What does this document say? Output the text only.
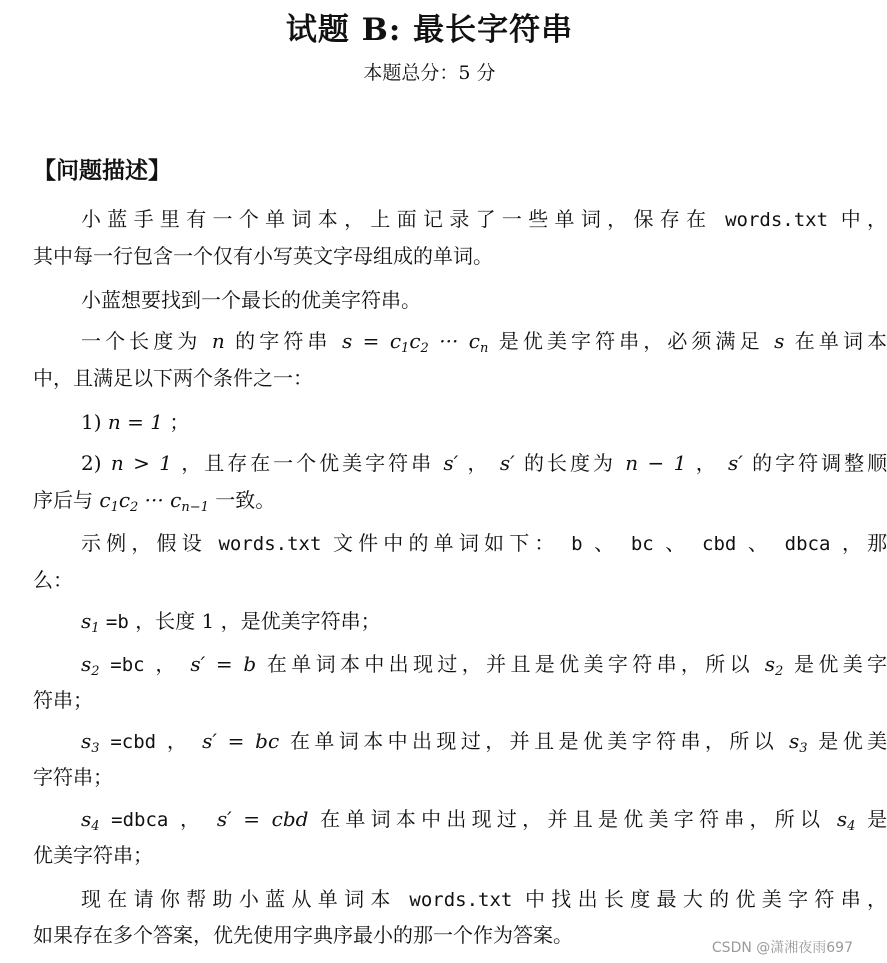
试题 B: 最长字符串
本题总分：5 分
【问题描述】
小蓝手里有一个单词本，上面记录了一些单词，保存在 words.txt 中，
其中每一行包含一个仅有小写英文字母组成的单词。
小蓝想要找到一个最长的优美字符串。
一个长度为 n 的字符串 $s = c_1c_2$ ··· $c_n$ 是优美字符串，必须满足 s 在单词本
中，且满足以下两个条件之一：
1) n = 1 ；
2) n > 1 ，且存在一个优美字符串 s′ ， s′ 的长度为 n − 1 ， s′ 的字符调整顺
序后与 $c_1c_2$ ··· $c_{n-1}$ 一致。
示例，假设 words.txt 文件中的单词如下： b 、 bc 、 cbd 、 dbca ，那
么：
$s_1 =b$ ，长度 1 ，是优美字符串；
$s_2 =bc$ ， s′ = b 在单词本中出现过，并且是优美字符串，所以 $s_2$ 是优美字
符串；
$s_3 =cbd$ ， s′ = bc 在单词本中出现过，并且是优美字符串，所以 $s_3$ 是优美
字符串；
$s_4$ =dbca ， s′ = cbd 在单词本中出现过，并且是优美字符串，所以 $s_4$ 是
优美字符串；
现在请你帮助小蓝从单词本 words.txt 中找出长度最大的优美字符串，
如果存在多个答案，优先使用字典序最小的那一个作为答案。
CSDN @潇湘夜雨697
